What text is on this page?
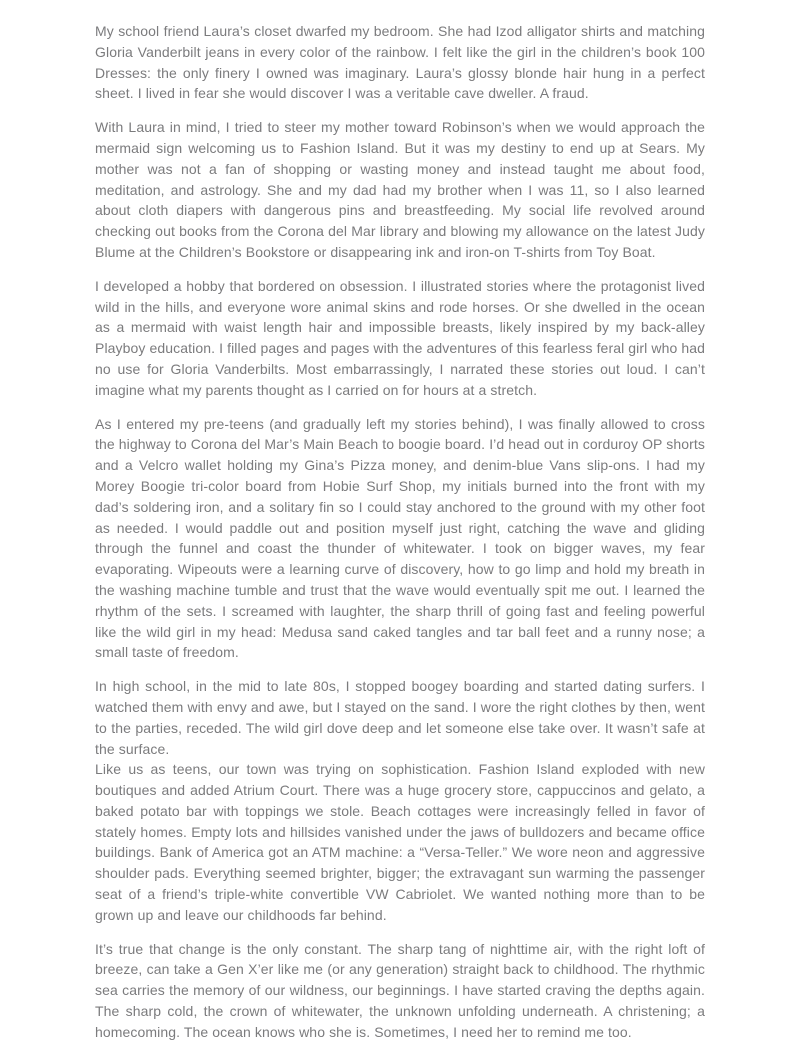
My school friend Laura’s closet dwarfed my bedroom. She had Izod alligator shirts and matching Gloria Vanderbilt jeans in every color of the rainbow. I felt like the girl in the children’s book 100 Dresses: the only finery I owned was imaginary. Laura’s glossy blonde hair hung in a perfect sheet. I lived in fear she would discover I was a veritable cave dweller. A fraud.

With Laura in mind, I tried to steer my mother toward Robinson’s when we would approach the mermaid sign welcoming us to Fashion Island. But it was my destiny to end up at Sears. My mother was not a fan of shopping or wasting money and instead taught me about food, meditation, and astrology. She and my dad had my brother when I was 11, so I also learned about cloth diapers with dangerous pins and breastfeeding. My social life revolved around checking out books from the Corona del Mar library and blowing my allowance on the latest Judy Blume at the Children’s Bookstore or disappearing ink and iron-on T-shirts from Toy Boat.

I developed a hobby that bordered on obsession. I illustrated stories where the protagonist lived wild in the hills, and everyone wore animal skins and rode horses. Or she dwelled in the ocean as a mermaid with waist length hair and impossible breasts, likely inspired by my back-alley Playboy education. I filled pages and pages with the adventures of this fearless feral girl who had no use for Gloria Vanderbilts. Most embarrassingly, I narrated these stories out loud. I can’t imagine what my parents thought as I carried on for hours at a stretch.

As I entered my pre-teens (and gradually left my stories behind), I was finally allowed to cross the highway to Corona del Mar’s Main Beach to boogie board. I’d head out in corduroy OP shorts and a Velcro wallet holding my Gina’s Pizza money, and denim-blue Vans slip-ons. I had my Morey Boogie tri-color board from Hobie Surf Shop, my initials burned into the front with my dad’s soldering iron, and a solitary fin so I could stay anchored to the ground with my other foot as needed. I would paddle out and position myself just right, catching the wave and gliding through the funnel and coast the thunder of whitewater. I took on bigger waves, my fear evaporating. Wipeouts were a learning curve of discovery, how to go limp and hold my breath in the washing machine tumble and trust that the wave would eventually spit me out. I learned the rhythm of the sets. I screamed with laughter, the sharp thrill of going fast and feeling powerful like the wild girl in my head: Medusa sand caked tangles and tar ball feet and a runny nose; a small taste of freedom.

In high school, in the mid to late 80s, I stopped boogey boarding and started dating surfers. I watched them with envy and awe, but I stayed on the sand. I wore the right clothes by then, went to the parties, receded. The wild girl dove deep and let someone else take over. It wasn’t safe at the surface.

Like us as teens, our town was trying on sophistication. Fashion Island exploded with new boutiques and added Atrium Court. There was a huge grocery store, cappuccinos and gelato, a baked potato bar with toppings we stole. Beach cottages were increasingly felled in favor of stately homes. Empty lots and hillsides vanished under the jaws of bulldozers and became office buildings. Bank of America got an ATM machine: a “Versa-Teller.” We wore neon and aggressive shoulder pads. Everything seemed brighter, bigger; the extravagant sun warming the passenger seat of a friend’s triple-white convertible VW Cabriolet. We wanted nothing more than to be grown up and leave our childhoods far behind.

It’s true that change is the only constant. The sharp tang of nighttime air, with the right loft of breeze, can take a Gen X’er like me (or any generation) straight back to childhood. The rhythmic sea carries the memory of our wildness, our beginnings. I have started craving the depths again. The sharp cold, the crown of whitewater, the unknown unfolding underneath. A christening; a homecoming. The ocean knows who she is. Sometimes, I need her to remind me too.
